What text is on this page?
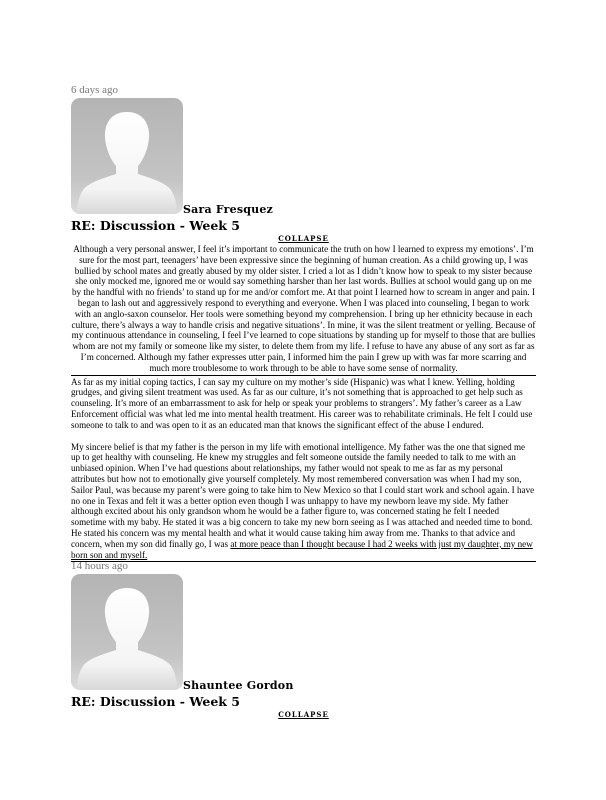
6 days ago
Sara Fresquez
RE: Discussion - Week 5
COLLAPSE
Although a very personal answer, I feel it’s important to communicate the truth on how I learned to express my emotions’. I’m sure for the most part, teenagers’ have been expressive since the beginning of human creation. As a child growing up, I was bullied by school mates and greatly abused by my older sister. I cried a lot as I didn’t know how to speak to my sister because she only mocked me, ignored me or would say something harsher than her last words. Bullies at school would gang up on me by the handful with no friends’ to stand up for me and/or comfort me. At that point I learned how to scream in anger and pain. I began to lash out and aggressively respond to everything and everyone. When I was placed into counseling, I began to work with an anglo-saxon counselor. Her tools were something beyond my comprehension. I bring up her ethnicity because in each culture, there’s always a way to handle crisis and negative situations’. In mine, it was the silent treatment or yelling. Because of my continuous attendance in counseling, I feel I’ve learned to cope situations by standing up for myself to those that are bullies whom are not my family or someone like my sister, to delete them from my life. I refuse to have any abuse of any sort as far as I’m concerned. Although my father expresses utter pain, I informed him the pain I grew up with was far more scarring and much more troublesome to work through to be able to have some sense of normality.

As far as my initial coping tactics, I can say my culture on my mother’s side (Hispanic) was what I knew. Yelling, holding grudges, and giving silent treatment was used. As far as our culture, it’s not something that is approached to get help such as counseling. It’s more of an embarrassment to ask for help or speak your problems to strangers’. My father’s career as a Law Enforcement official was what led me into mental health treatment. His career was to rehabilitate criminals. He felt I could use someone to talk to and was open to it as an educated man that knows the significant effect of the abuse I endured.

My sincere belief is that my father is the person in my life with emotional intelligence. My father was the one that signed me up to get healthy with counseling. He knew my struggles and felt someone outside the family needed to talk to me with an unbiased opinion. When I’ve had questions about relationships, my father would not speak to me as far as my personal attributes but how not to emotionally give yourself completely. My most remembered conversation was when I had my son, Sailor Paul, was because my parent’s were going to take him to New Mexico so that I could start work and school again. I have no one in Texas and felt it was a better option even though I was unhappy to have my newborn leave my side. My father although excited about his only grandson whom he would be a father figure to, was concerned stating he felt I needed sometime with my baby. He stated it was a big concern to take my new born seeing as I was attached and needed time to bond. He stated his concern was my mental health and what it would cause taking him away from me. Thanks to that advice and concern, when my son did finally go, I was at more peace than I thought because I had 2 weeks with just my daughter, my new born son and myself.

14 hours ago
Shauntee Gordon
RE: Discussion - Week 5
COLLAPSE
